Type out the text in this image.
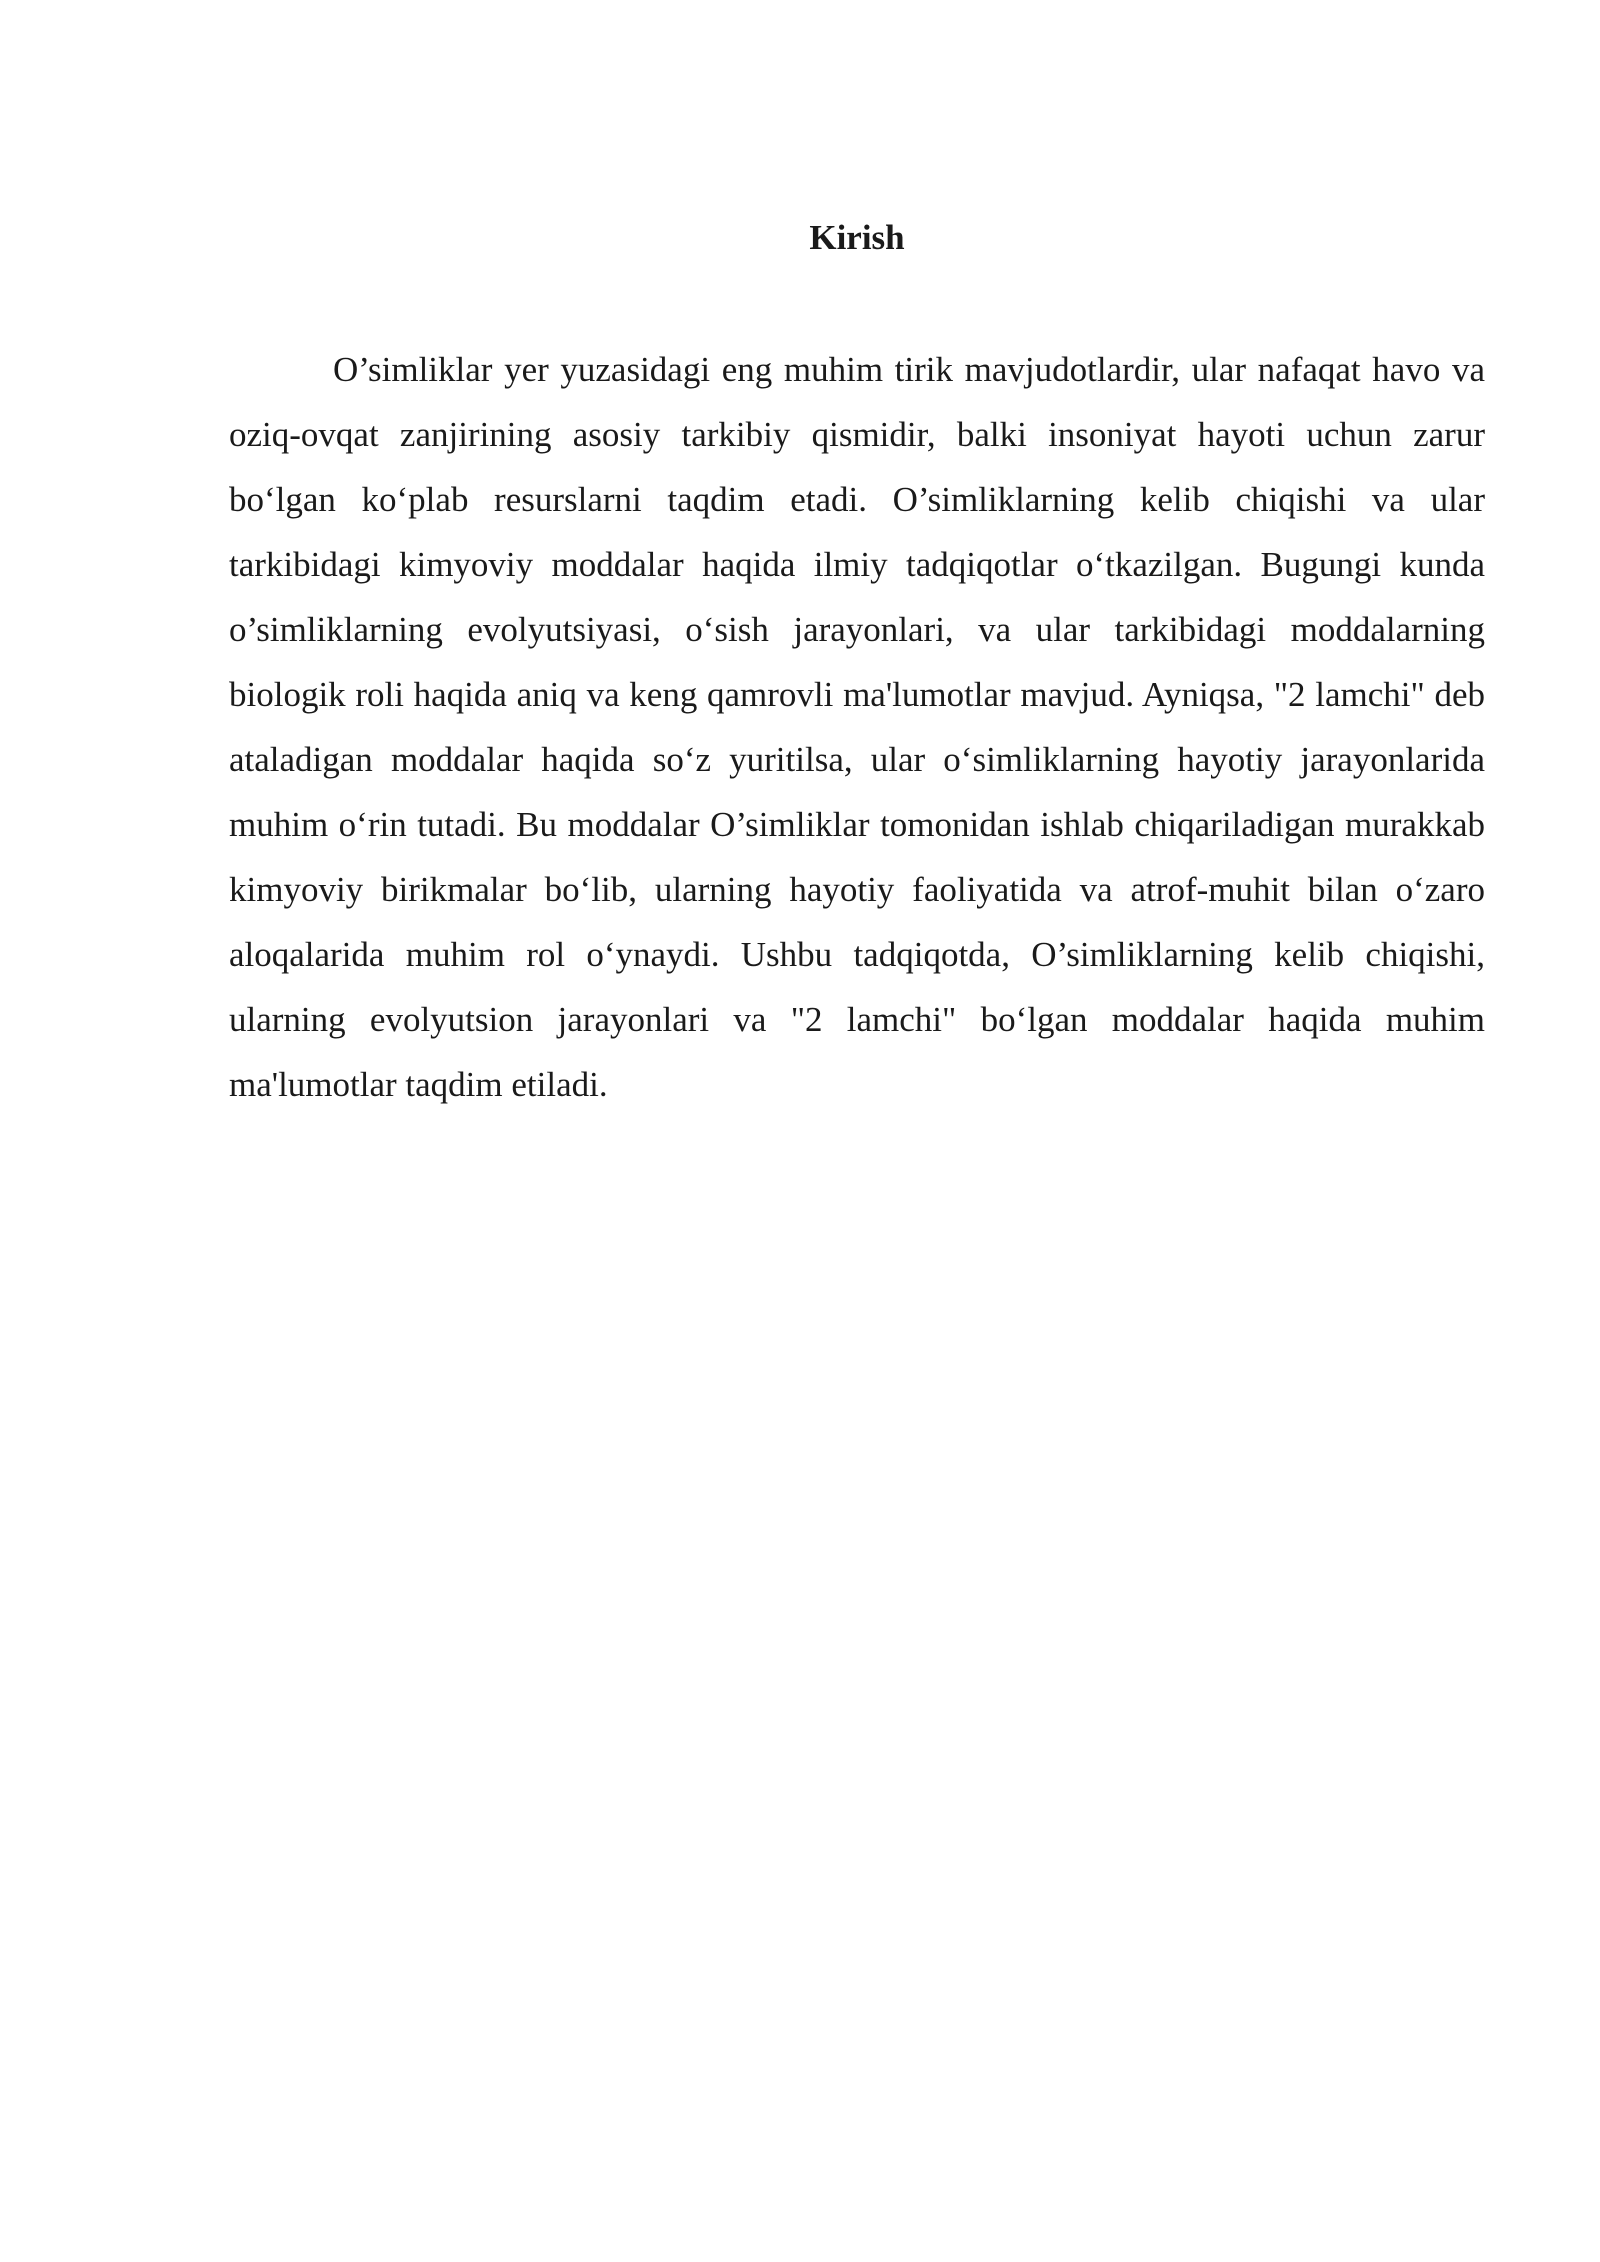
Kirish

O’simliklar yer yuzasidagi eng muhim tirik mavjudotlardir, ular nafaqat havo va oziq-ovqat zanjirining asosiy tarkibiy qismidir, balki insoniyat hayoti uchun zarur bo‘lgan ko‘plab resurslarni taqdim etadi. O’simliklarning kelib chiqishi va ular tarkibidagi kimyoviy moddalar haqida ilmiy tadqiqotlar o‘tkazilgan. Bugungi kunda o’simliklarning evolyutsiyasi, o‘sish jarayonlari, va ular tarkibidagi moddalarning biologik roli haqida aniq va keng qamrovli ma'lumotlar mavjud. Ayniqsa, "2 lamchi" deb ataladigan moddalar haqida so‘z yuritilsa, ular o‘simliklarning hayotiy jarayonlarida muhim o‘rin tutadi. Bu moddalar O’simliklar tomonidan ishlab chiqariladigan murakkab kimyoviy birikmalar bo‘lib, ularning hayotiy faoliyatida va atrof-muhit bilan o‘zaro aloqalarida muhim rol o‘ynaydi. Ushbu tadqiqotda, O’simliklarning kelib chiqishi, ularning evolyutsion jarayonlari va "2 lamchi" bo‘lgan moddalar haqida muhim ma'lumotlar taqdim etiladi.
